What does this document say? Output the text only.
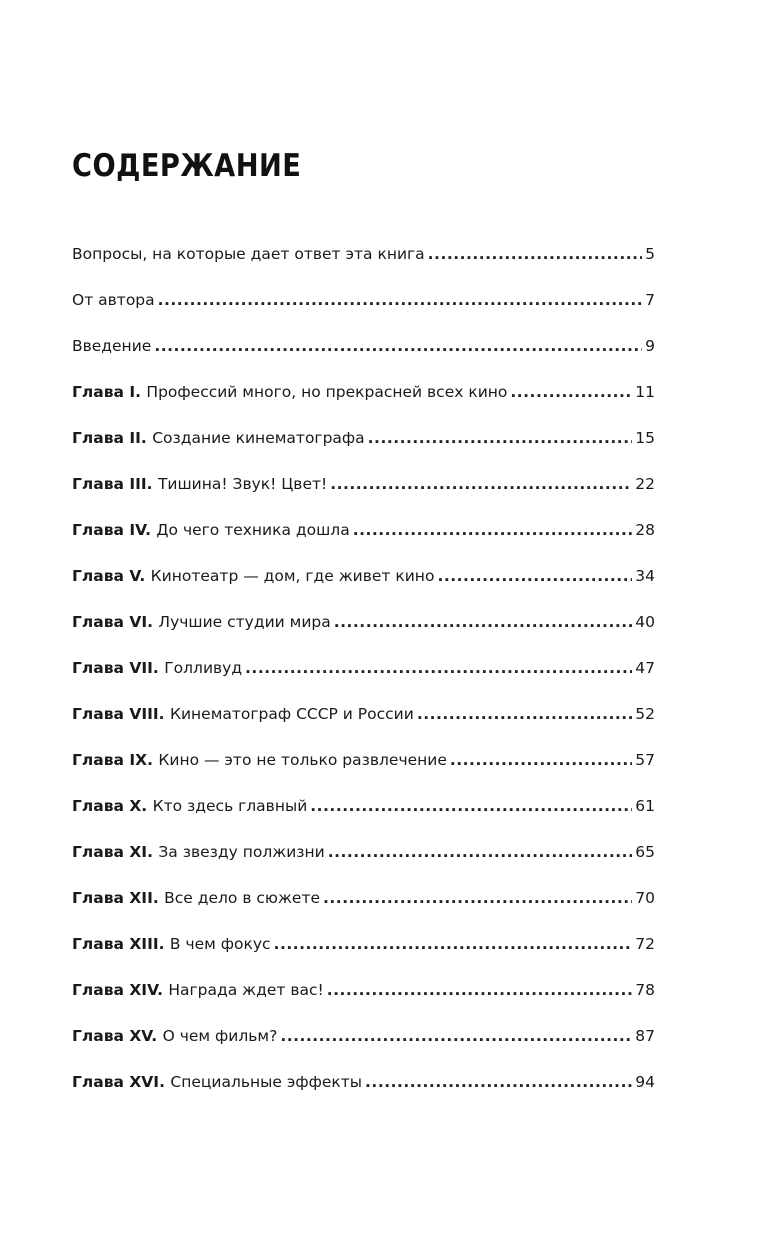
СОДЕРЖАНИЕ
Вопросы, на которые дает ответ эта книга .....	5
От автора .....	7
Введение .....	9
Глава I. Профессий много, но прекрасней всех кино .....	11
Глава II. Создание кинематографа .....	15
Глава III. Тишина! Звук! Цвет! .....	22
Глава IV. До чего техника дошла .....	28
Глава V. Кинотеатр — дом, где живет кино .....	34
Глава VI. Лучшие студии мира .....	40
Глава VII. Голливуд .....	47
Глава VIII. Кинематограф СССР и России .....	52
Глава IX. Кино — это не только развлечение .....	57
Глава X. Кто здесь главный .....	61
Глава XI. За звезду полжизни .....	65
Глава XII. Все дело в сюжете .....	70
Глава XIII. В чем фокус .....	72
Глава XIV. Награда ждет вас! .....	78
Глава XV. О чем фильм? .....	87
Глава XVI. Специальные эффекты .....	94
